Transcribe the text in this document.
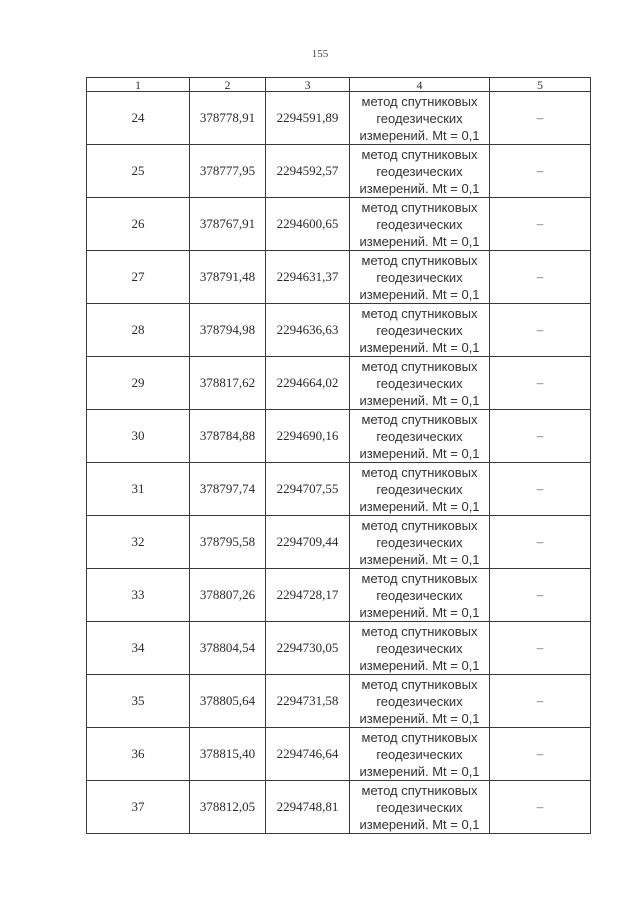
155
1	2	3	4	5
24	378778,91	2294591,89	метод спутниковых
геодезических
измерений. Mt = 0,1	–
25	378777,95	2294592,57	метод спутниковых
геодезических
измерений. Mt = 0,1	–
26	378767,91	2294600,65	метод спутниковых
геодезических
измерений. Mt = 0,1	–
27	378791,48	2294631,37	метод спутниковых
геодезических
измерений. Mt = 0,1	–
28	378794,98	2294636,63	метод спутниковых
геодезических
измерений. Mt = 0,1	–
29	378817,62	2294664,02	метод спутниковых
геодезических
измерений. Mt = 0,1	–
30	378784,88	2294690,16	метод спутниковых
геодезических
измерений. Mt = 0,1	–
31	378797,74	2294707,55	метод спутниковых
геодезических
измерений. Mt = 0,1	–
32	378795,58	2294709,44	метод спутниковых
геодезических
измерений. Mt = 0,1	–
33	378807,26	2294728,17	метод спутниковых
геодезических
измерений. Mt = 0,1	–
34	378804,54	2294730,05	метод спутниковых
геодезических
измерений. Mt = 0,1	–
35	378805,64	2294731,58	метод спутниковых
геодезических
измерений. Mt = 0,1	–
36	378815,40	2294746,64	метод спутниковых
геодезических
измерений. Mt = 0,1	–
37	378812,05	2294748,81	метод спутниковых
геодезических
измерений. Mt = 0,1	–
